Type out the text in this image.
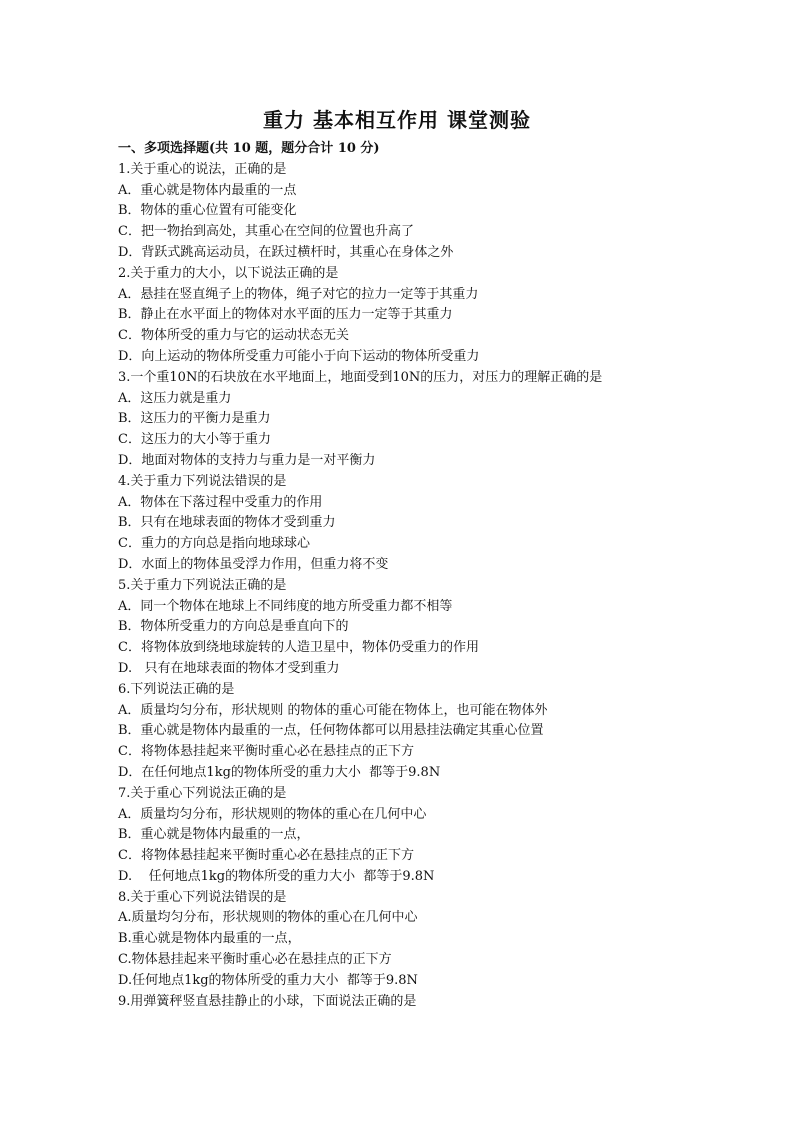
重力 基本相互作用 课堂测验
一、多项选择题(共 10 题，题分合计 10 分)
1.关于重心的说法，正确的是
A．重心就是物体内最重的一点
B．物体的重心位置有可能变化
C．把一物抬到高处，其重心在空间的位置也升高了
D．背跃式跳高运动员，在跃过横杆时，其重心在身体之外
2.关于重力的大小，以下说法正确的是
A．悬挂在竖直绳子上的物体，绳子对它的拉力一定等于其重力
B．静止在水平面上的物体对水平面的压力一定等于其重力
C．物体所受的重力与它的运动状态无关
D．向上运动的物体所受重力可能小于向下运动的物体所受重力
3.一个重10N的石块放在水平地面上，地面受到10N的压力，对压力的理解正确的是
A．这压力就是重力
B．这压力的平衡力是重力
C．这压力的大小等于重力
D．地面对物体的支持力与重力是一对平衡力
4.关于重力下列说法错误的是
A．物体在下落过程中受重力的作用
B．只有在地球表面的物体才受到重力
C．重力的方向总是指向地球球心
D．水面上的物体虽受浮力作用，但重力将不变
5.关于重力下列说法正确的是
A．同一个物体在地球上不同纬度的地方所受重力都不相等
B．物体所受重力的方向总是垂直向下的
C．将物体放到绕地球旋转的人造卫星中，物体仍受重力的作用
D.   只有在地球表面的物体才受到重力
6.下列说法正确的是
A．质量均匀分布，形状规则 的物体的重心可能在物体上，也可能在物体外
B．重心就是物体内最重的一点，任何物体都可以用悬挂法确定其重心位置
C．将物体悬挂起来平衡时重心必在悬挂点的正下方
D．在任何地点1kg的物体所受的重力大小  都等于9.8N
7.关于重心下列说法正确的是
A．质量均匀分布，形状规则的物体的重心在几何中心
B．重心就是物体内最重的一点，
C．将物体悬挂起来平衡时重心必在悬挂点的正下方
D.    任何地点1kg的物体所受的重力大小  都等于9.8N
8.关于重心下列说法错误的是
A.质量均匀分布，形状规则的物体的重心在几何中心
B.重心就是物体内最重的一点，
C.物体悬挂起来平衡时重心必在悬挂点的正下方
D.任何地点1kg的物体所受的重力大小  都等于9.8N
9.用弹簧秤竖直悬挂静止的小球，下面说法正确的是
